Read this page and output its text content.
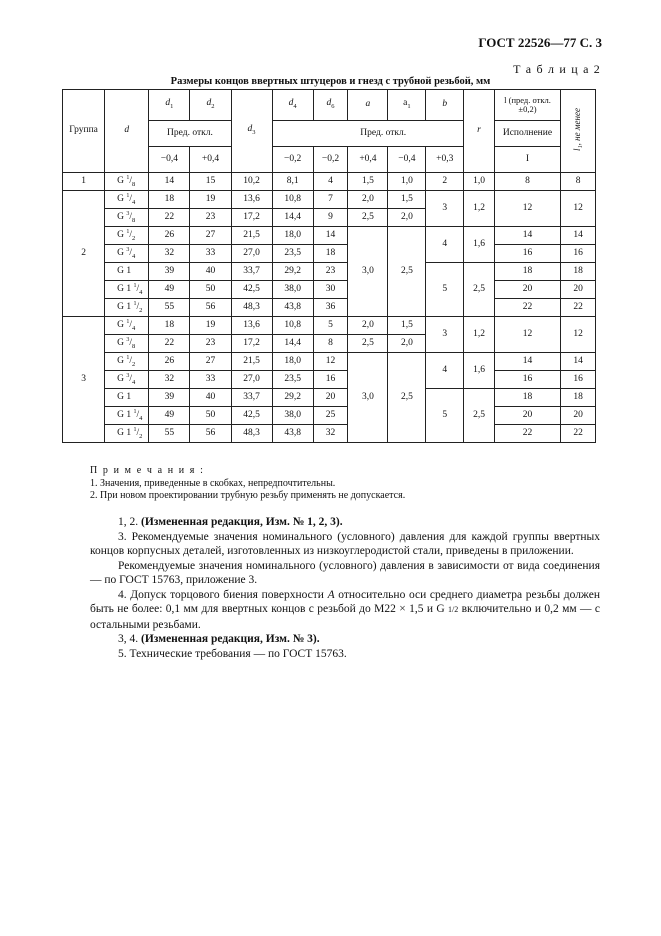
ГОСТ 22526—77 С. 3
Т а б л и ц а 2
Размеры концов ввертных штуцеров и гнезд с трубной резьбой, мм
Группа	d	$d_1$	$d_2$	$d_3$	$d_4$	$d_6$	a	$a_1$	b	r	l (пред. откл. ±0,2)	l₁, не менее
		Пред. откл.			Пред. откл.						Исполнение	
		−0,4	+0,4		−0,2	−0,2	+0,4	−0,4	+0,3		I	
1	G $^1/_8$	14	15	10,2	8,1	4	1,5	1,0	2	1,0	8	8
2	G $^1/_4$	18	19	13,6	10,8	7	2,0	1,5	3	1,2	12	12
	G $^3/_8$	22	23	17,2	14,4	9	2,5	2,0				
	G $^1/_2$	26	27	21,5	18,0	14	3,0	2,5	4	1,6	14	14
	G $^3/_4$	32	33	27,0	23,5	18					16	16
	G 1	39	40	33,7	29,2	23			5	2,5	18	18
	G 1 $^1/_4$	49	50	42,5	38,0	30					20	20
	G 1 $^1/_2$	55	56	48,3	43,8	36					22	22
3	G $^1/_4$	18	19	13,6	10,8	5	2,0	1,5	3	1,2	12	12
	G $^3/_8$	22	23	17,2	14,4	8	2,5	2,0				
	G $^1/_2$	26	27	21,5	18,0	12	3,0	2,5	4	1,6	14	14
	G $^3/_4$	32	33	27,0	23,5	16					16	16
	G 1	39	40	33,7	29,2	20			5	2,5	18	18
	G 1 $^1/_4$	49	50	42,5	38,0	25					20	20
	G 1 $^1/_2$	55	56	48,3	43,8	32					22	22
П р и м е ч а н и я :
1. Значения, приведенные в скобках, непредпочтительны.
2. При новом проектировании трубную резьбу применять не допускается.

1, 2. (Измененная редакция, Изм. № 1, 2, 3).

3. Рекомендуемые значения номинального (условного) давления для каждой группы ввертных концов корпусных деталей, изготовленных из низкоуглеродистой стали, приведены в приложении.

Рекомендуемые значения номинального (условного) давления в зависимости от вида соединения — по ГОСТ 15763, приложение 3.

4. Допуск торцового биения поверхности А относительно оси среднего диаметра резьбы должен быть не более: 0,1 мм для ввертных концов с резьбой до М22 × 1,5 и G 1/2 включительно и 0,2 мм — с остальными резьбами.

3, 4. (Измененная редакция, Изм. № 3).

5. Технические требования — по ГОСТ 15763.
